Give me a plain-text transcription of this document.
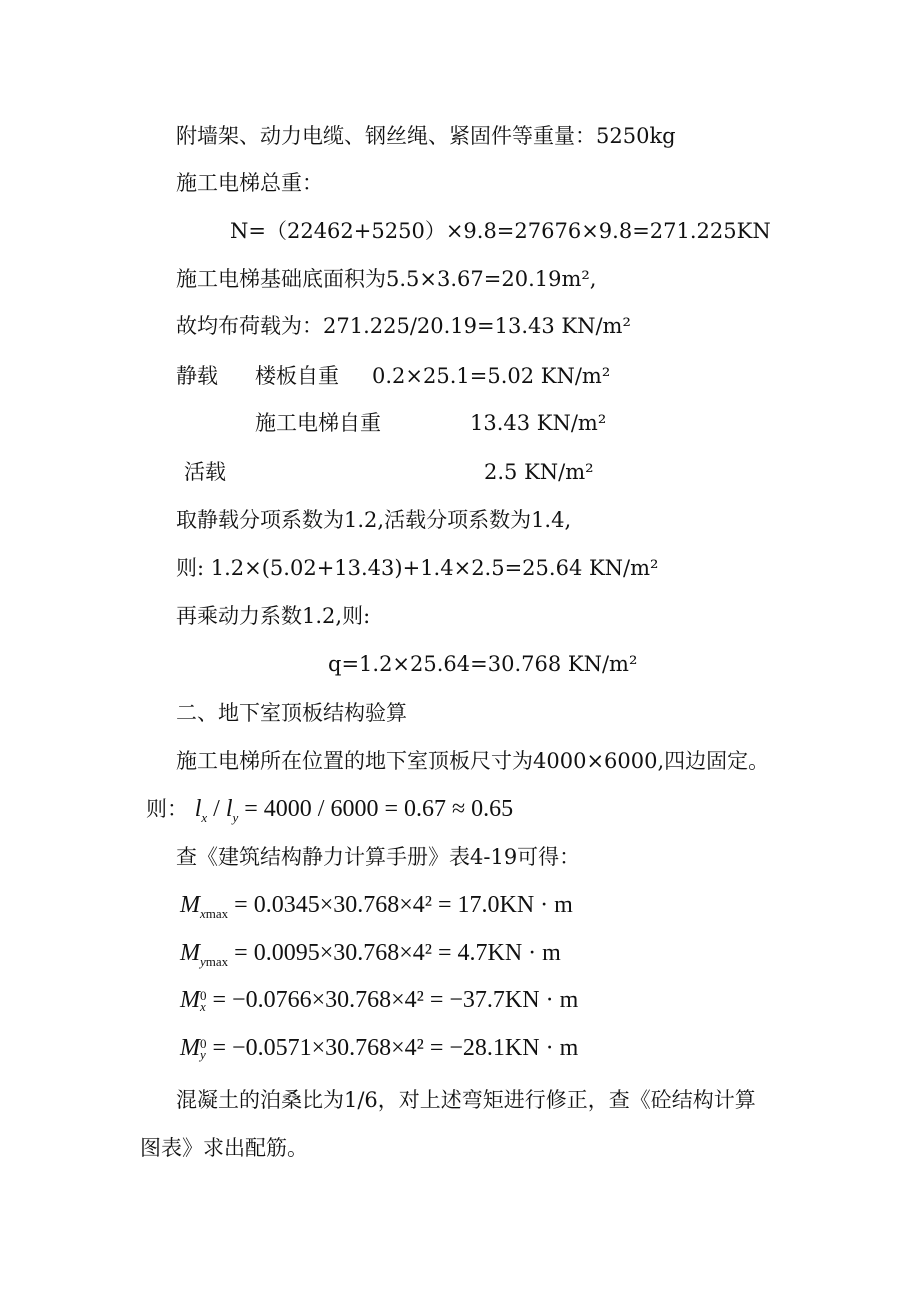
附墙架、动力电缆、钢丝绳、紧固件等重量：5250kg
施工电梯总重：
N=（22462+5250）×9.8=27676×9.8=271.225KN
施工电梯基础底面积为5.5×3.67=20.19m²,
故均布荷载为：271.225/20.19=13.43 KN/m²
静载 楼板自重 0.2×25.1=5.02 KN/m²
施工电梯自重	13.43 KN/m²
活载	2.5 KN/m²
取静载分项系数为1.2,活载分项系数为1.4,
则: 1.2×(5.02+13.43)+1.4×2.5=25.64 KN/m²
再乘动力系数1.2,则:
q=1.2×25.64=30.768 KN/m²
二、地下室顶板结构验算
施工电梯所在位置的地下室顶板尺寸为4000×6000,四边固定。
则： $l_x / l_y = 4000 / 6000 = 0.67 \approx 0.65$
查《建筑结构静力计算手册》表4-19可得：
$M_{xmax} = 0.0345\times 30.768\times 4^2 = 17.0KN \cdot m$
$M_{ymax} = 0.0095\times 30.768\times 4^2 = 4.7KN \cdot m$
M 0
x = −0.0766×30.768×4² = −37.7KN · m
M 0
y = −0.0571×30.768×4² = −28.1KN · m
混凝土的泊桑比为1/6，对上述弯矩进行修正，查《砼结构计算
图表》求出配筋。
